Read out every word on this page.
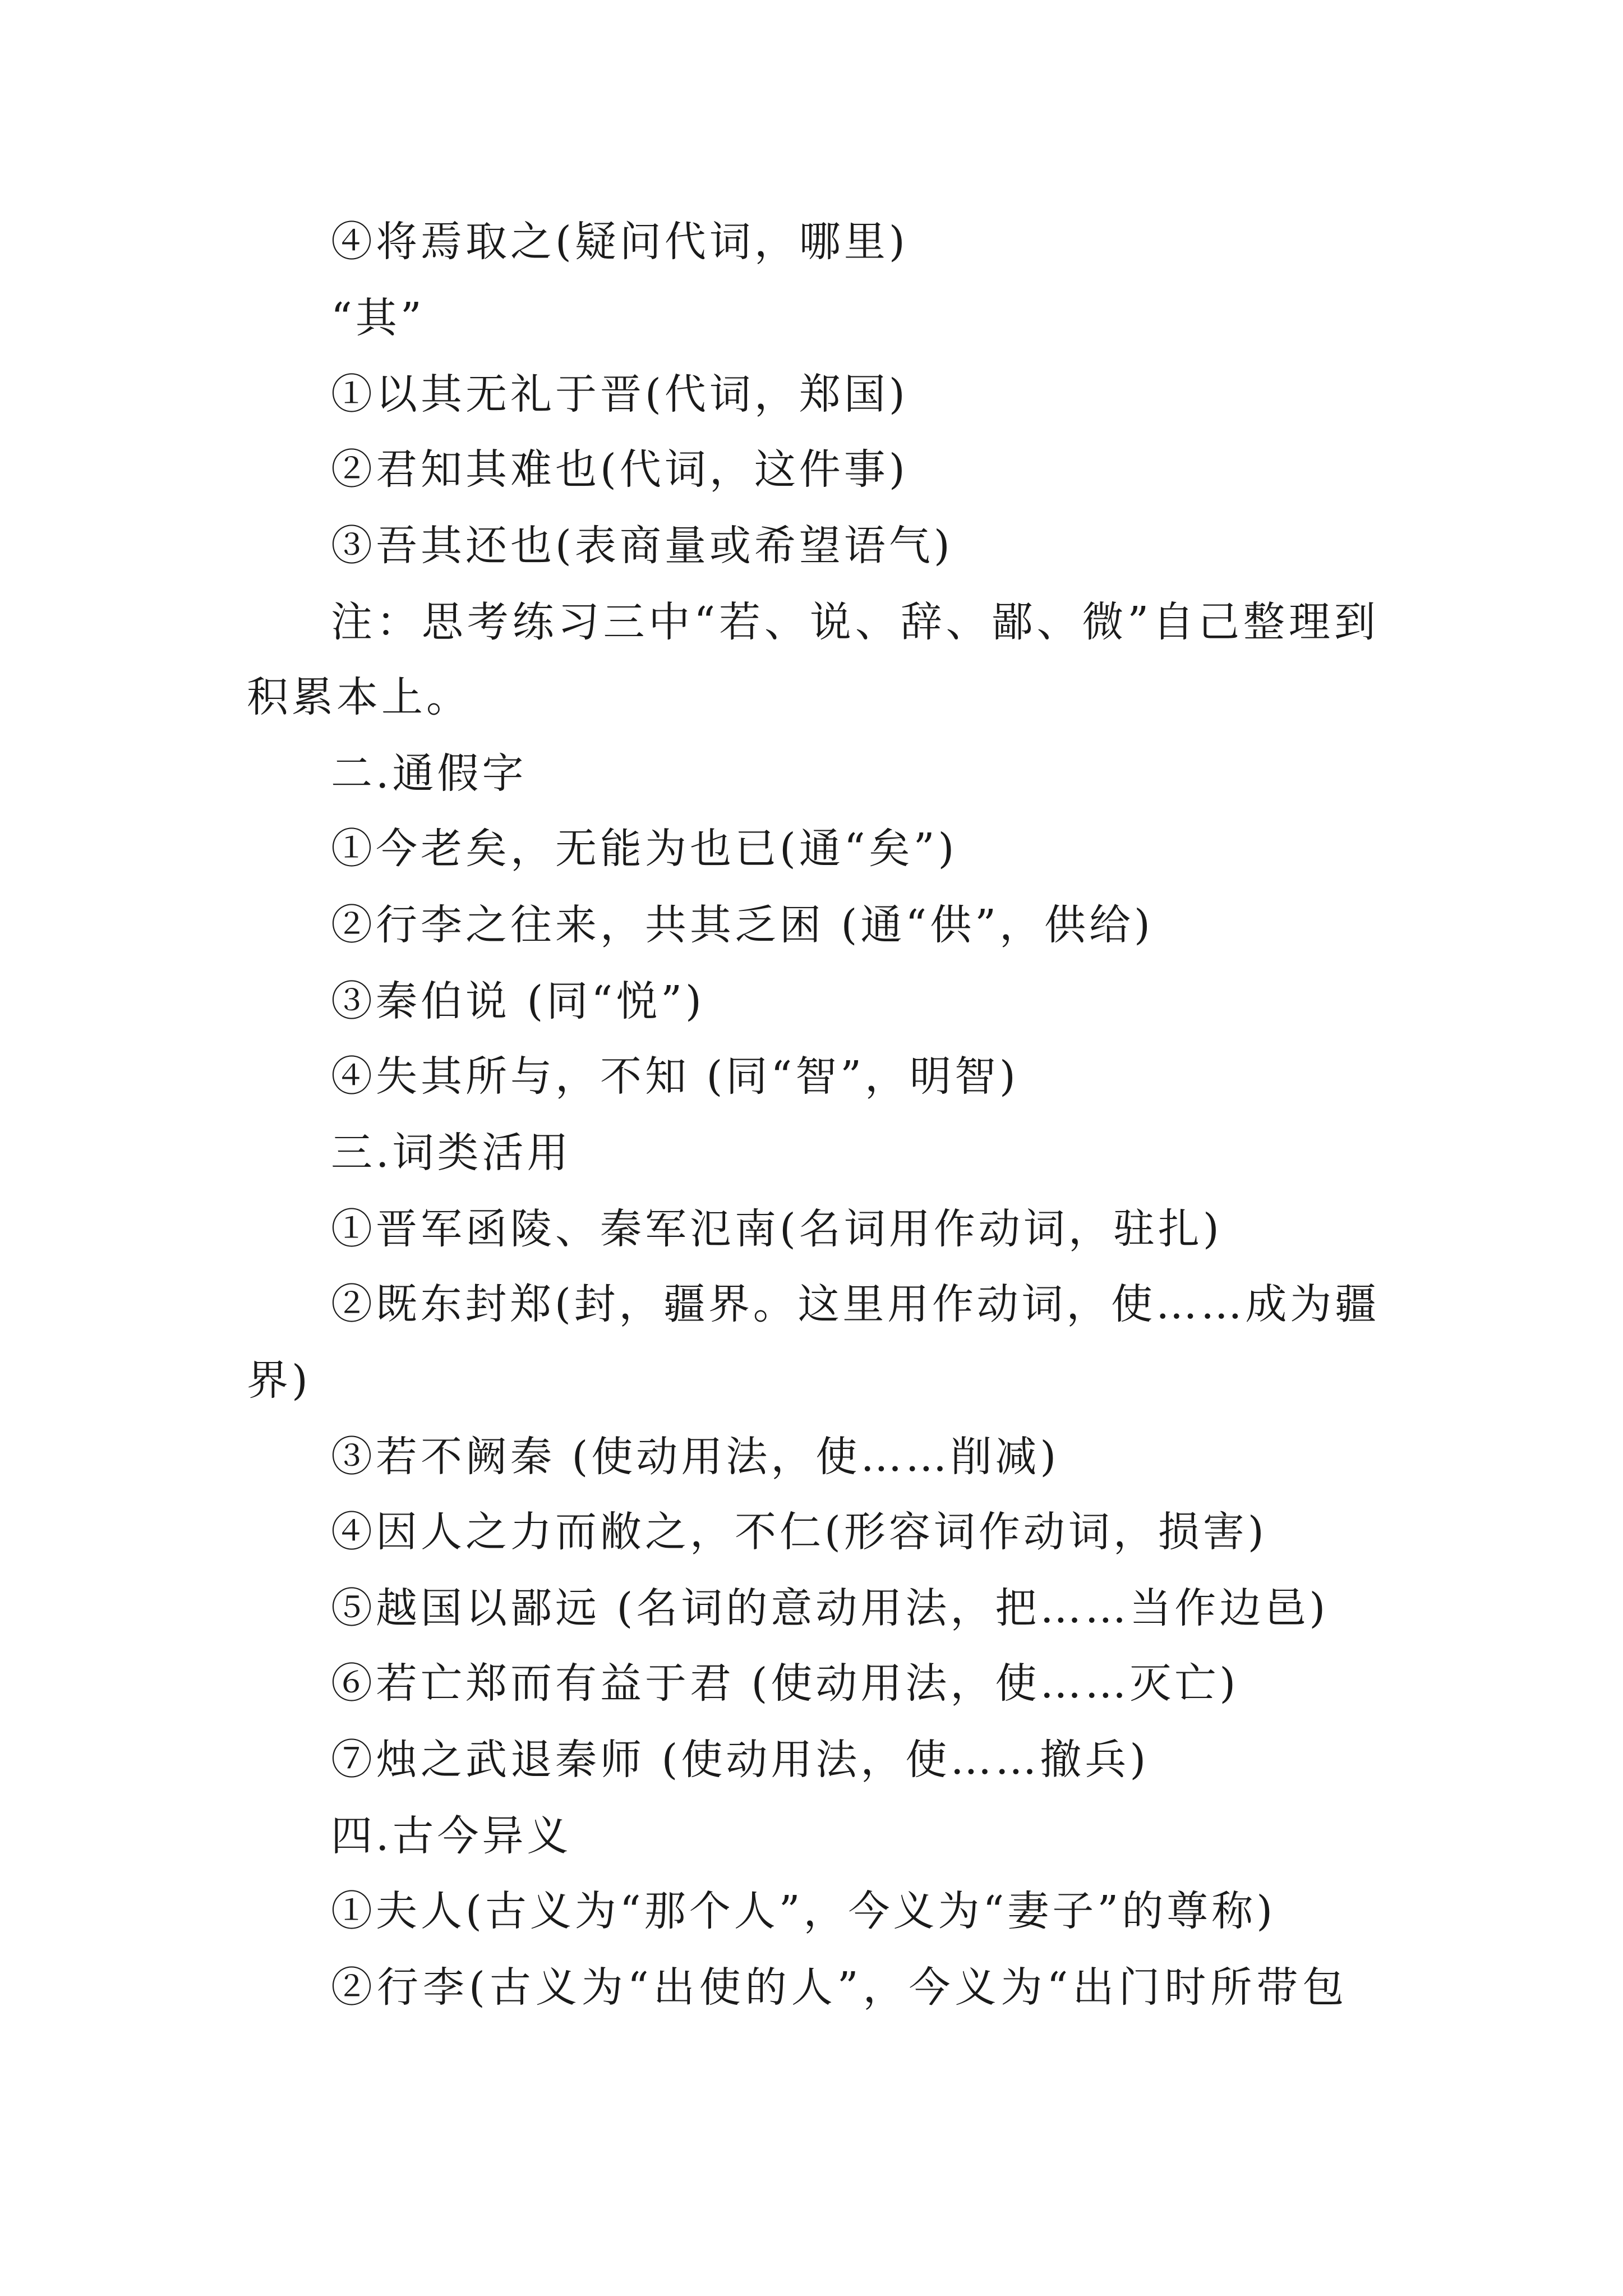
④将焉取之(疑问代词，哪里)
“其”
①以其无礼于晋(代词，郑国)
②君知其难也(代词，这件事)
③吾其还也(表商量或希望语气)
注：思考练习三中“若、说、辞、鄙、微”自己整理到
积累本上。
二.通假字
①今老矣，无能为也已(通“矣”)
②行李之往来，共其乏困 (通“供”，供给)
③秦伯说 (同“悦”)
④失其所与，不知 (同“智”，明智)
三.词类活用
①晋军函陵、秦军氾南(名词用作动词，驻扎)
②既东封郑(封，疆界。这里用作动词，使……成为疆
界)
③若不阙秦 (使动用法，使……削减)
④因人之力而敝之，不仁(形容词作动词，损害)
⑤越国以鄙远 (名词的意动用法，把……当作边邑)
⑥若亡郑而有益于君 (使动用法，使……灭亡)
⑦烛之武退秦师 (使动用法，使……撤兵)
四.古今异义
①夫人(古义为“那个人”，今义为“妻子”的尊称)
②行李(古义为“出使的人”，今义为“出门时所带包
